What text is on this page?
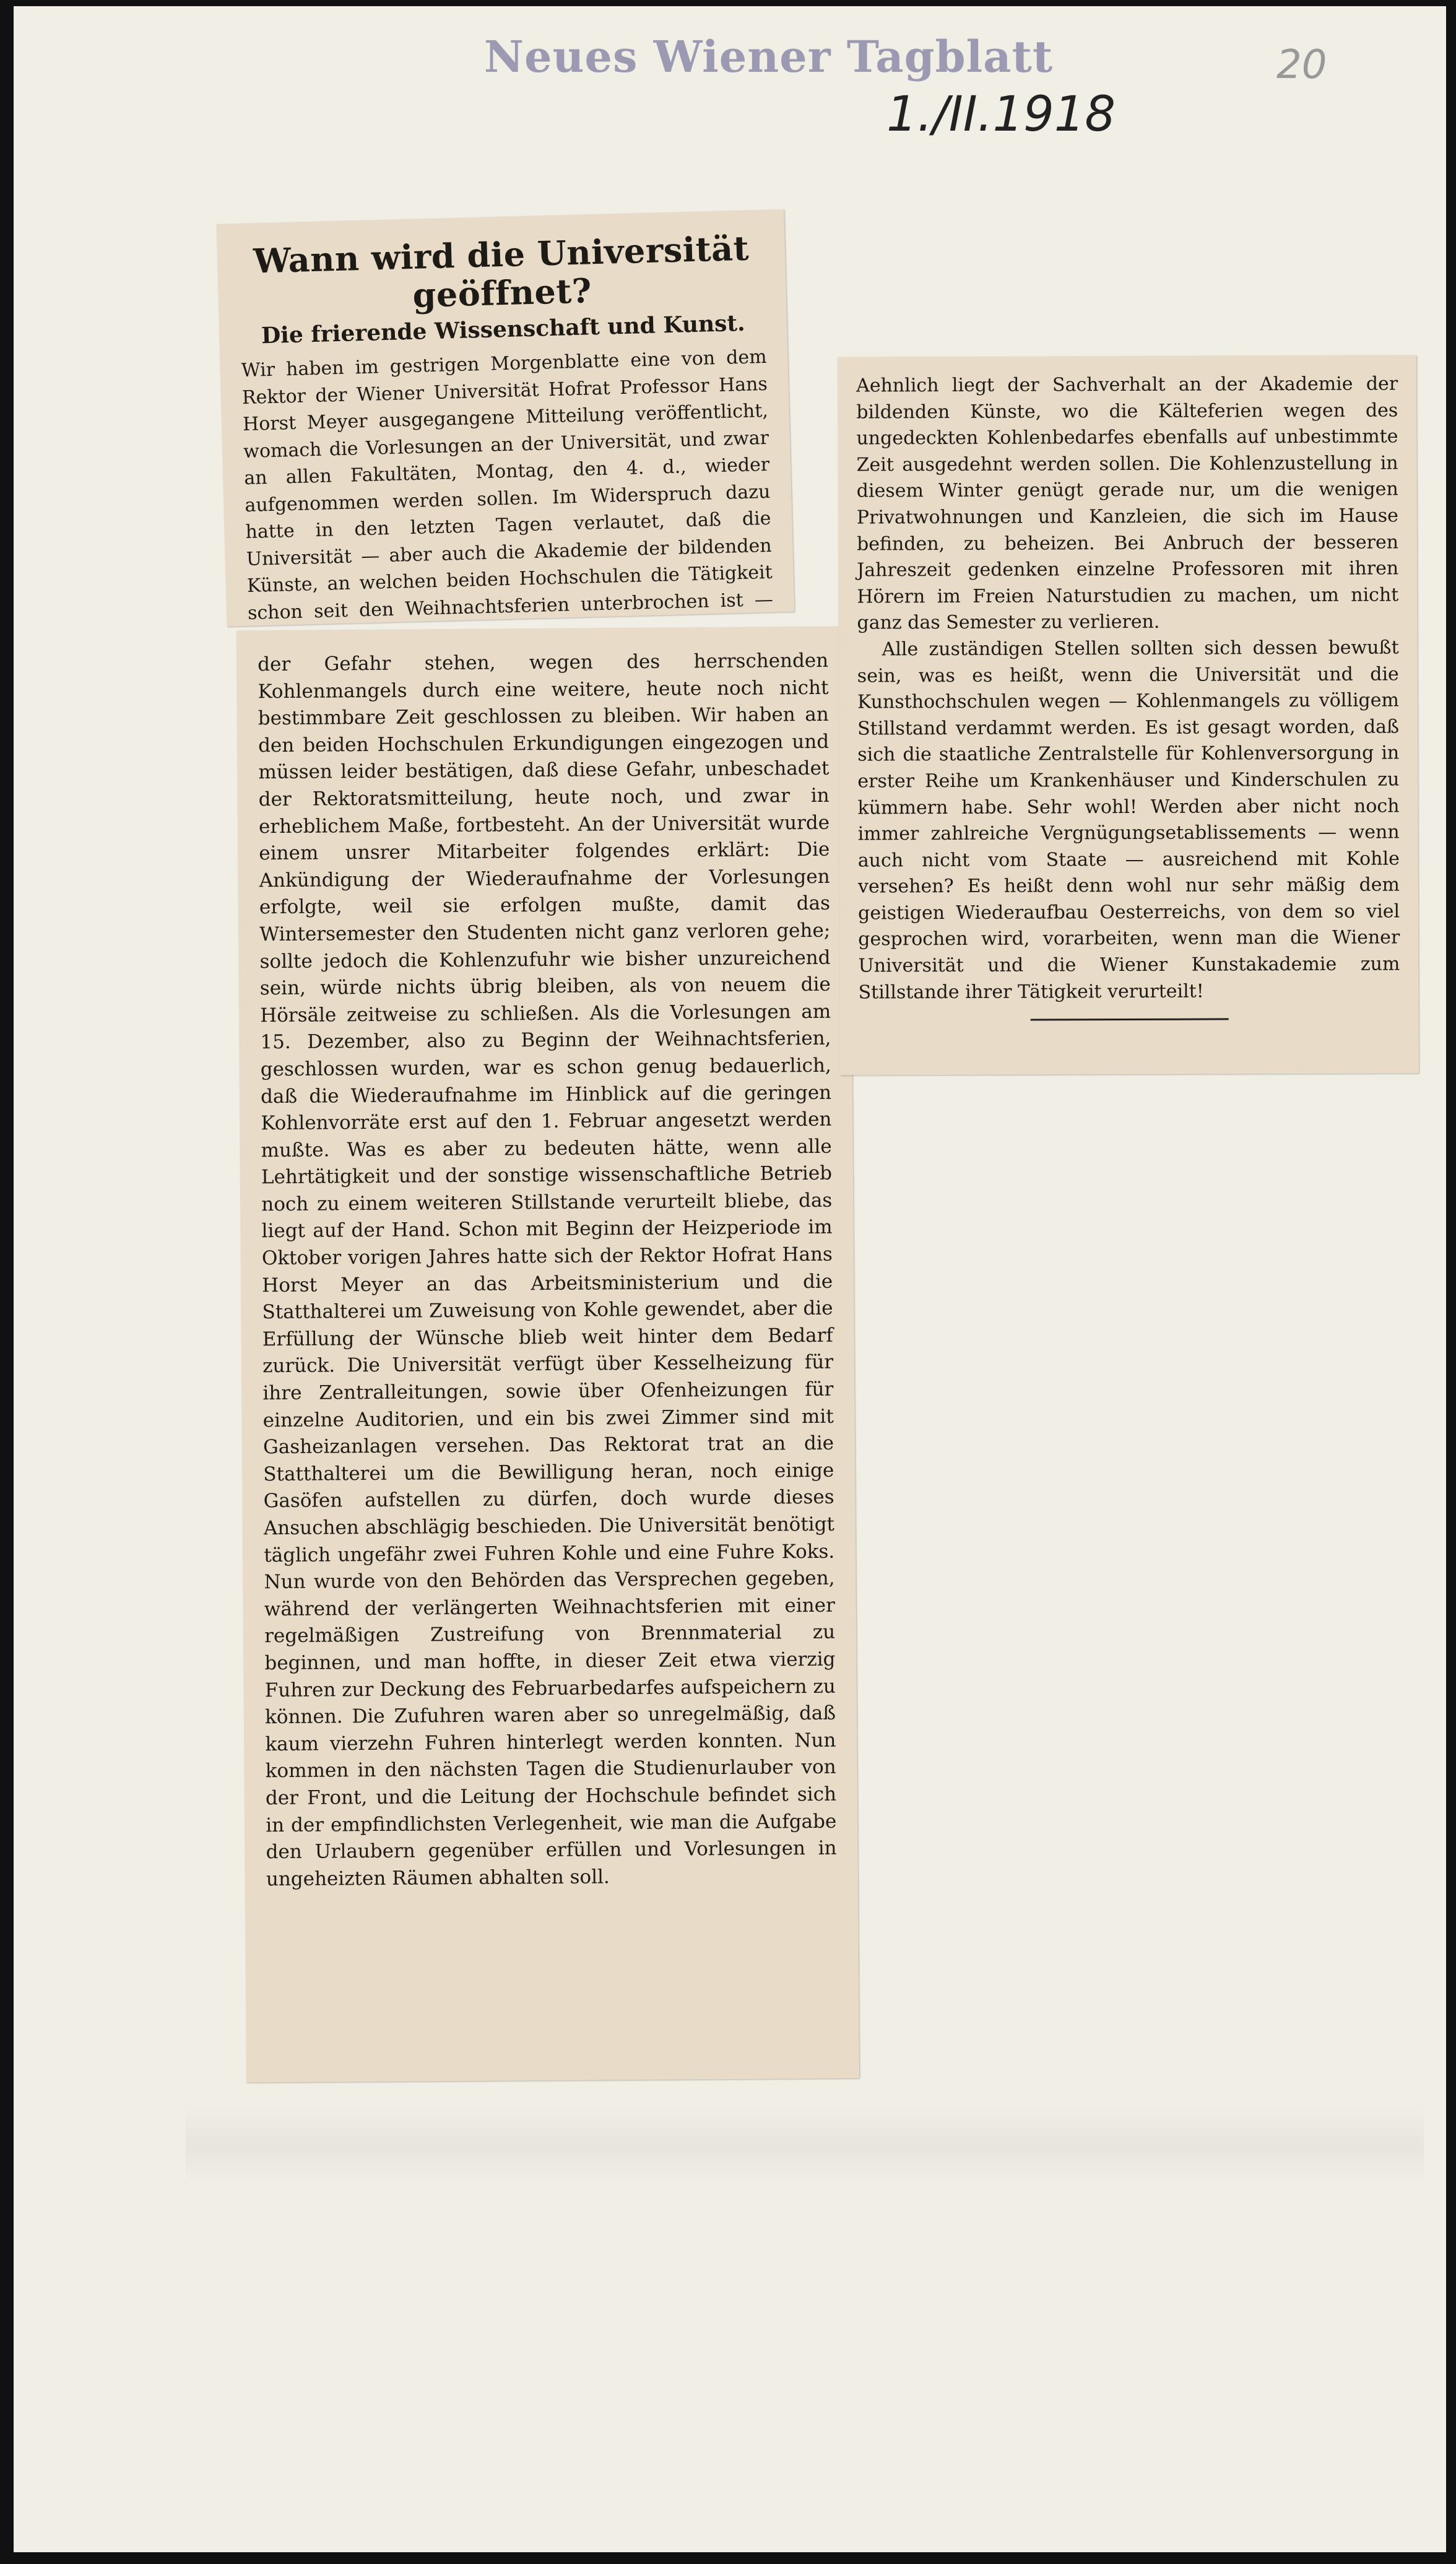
Neues Wiener Tagblatt	20
1./II.1918
Wann wird die Universität geöffnet?
Die frierende Wissenschaft und Kunst.

Wir haben im gestrigen Morgenblatte eine von dem Rektor der Wiener Universität Hofrat Professor Hans Horst Meyer ausgegangene Mitteilung veröffentlicht, womach die Vorlesungen an der Universität, und zwar an allen Fakultäten, Montag, den 4. d., wieder aufgenommen werden sollen. Im Widerspruch dazu hatte in den letzten Tagen verlautet, daß die Universität — aber auch die Akademie der bildenden Künste, an welchen beiden Hochschulen die Tätigkeit schon seit den Weihnachtsferien unterbrochen ist —

der Gefahr stehen, wegen des herrschenden Kohlenmangels durch eine weitere, heute noch nicht bestimmbare Zeit geschlossen zu bleiben. Wir haben an den beiden Hochschulen Erkundigungen eingezogen und müssen leider bestätigen, daß diese Gefahr, unbeschadet der Rektoratsmitteilung, heute noch, und zwar in erheblichem Maße, fortbesteht. An der Universität wurde einem unsrer Mitarbeiter folgendes erklärt: Die Ankündigung der Wiederaufnahme der Vorlesungen erfolgte, weil sie erfolgen mußte, damit das Wintersemester den Studenten nicht ganz verloren gehe; sollte jedoch die Kohlenzufuhr wie bisher unzureichend sein, würde nichts übrig bleiben, als von neuem die Hörsäle zeitweise zu schließen. Als die Vorlesungen am 15. Dezember, also zu Beginn der Weihnachtsferien, geschlossen wurden, war es schon genug bedauerlich, daß die Wiederaufnahme im Hinblick auf die geringen Kohlenvorräte erst auf den 1. Februar angesetzt werden mußte. Was es aber zu bedeuten hätte, wenn alle Lehrtätigkeit und der sonstige wissenschaftliche Betrieb noch zu einem weiteren Stillstande verurteilt bliebe, das liegt auf der Hand. Schon mit Beginn der Heizperiode im Oktober vorigen Jahres hatte sich der Rektor Hofrat Hans Horst Meyer an das Arbeitsministerium und die Statthalterei um Zuweisung von Kohle gewendet, aber die Erfüllung der Wünsche blieb weit hinter dem Bedarf zurück. Die Universität verfügt über Kesselheizung für ihre Zentralleitungen, sowie über Ofenheizungen für einzelne Auditorien, und ein bis zwei Zimmer sind mit Gasheizanlagen versehen. Das Rektorat trat an die Statthalterei um die Bewilligung heran, noch einige Gasöfen aufstellen zu dürfen, doch wurde dieses Ansuchen abschlägig beschieden. Die Universität benötigt täglich ungefähr zwei Fuhren Kohle und eine Fuhre Koks. Nun wurde von den Behörden das Versprechen gegeben, während der verlängerten Weihnachtsferien mit einer regelmäßigen Zustreifung von Brennmaterial zu beginnen, und man hoffte, in dieser Zeit etwa vierzig Fuhren zur Deckung des Februarbedarfes aufspeichern zu können. Die Zufuhren waren aber so unregelmäßig, daß kaum vierzehn Fuhren hinterlegt werden konnten. Nun kommen in den nächsten Tagen die Studienurlauber von der Front, und die Leitung der Hochschule befindet sich in der empfindlichsten Verlegenheit, wie man die Aufgabe den Urlaubern gegenüber erfüllen und Vorlesungen in ungeheizten Räumen abhalten soll.

Aehnlich liegt der Sachverhalt an der Akademie der bildenden Künste, wo die Kälteferien wegen des ungedeckten Kohlenbedarfes ebenfalls auf unbestimmte Zeit ausgedehnt werden sollen. Die Kohlenzustellung in diesem Winter genügt gerade nur, um die wenigen Privatwohnungen und Kanzleien, die sich im Hause befinden, zu beheizen. Bei Anbruch der besseren Jahreszeit gedenken einzelne Professoren mit ihren Hörern im Freien Naturstudien zu machen, um nicht ganz das Semester zu verlieren.

Alle zuständigen Stellen sollten sich dessen bewußt sein, was es heißt, wenn die Universität und die Kunsthochschulen wegen — Kohlenmangels zu völligem Stillstand verdammt werden. Es ist gesagt worden, daß sich die staatliche Zentralstelle für Kohlenversorgung in erster Reihe um Krankenhäuser und Kinderschulen zu kümmern habe. Sehr wohl! Werden aber nicht noch immer zahlreiche Vergnügungsetablissements — wenn auch nicht vom Staate — ausreichend mit Kohle versehen? Es heißt denn wohl nur sehr mäßig dem geistigen Wiederaufbau Oesterreichs, von dem so viel gesprochen wird, vorarbeiten, wenn man die Wiener Universität und die Wiener Kunstakademie zum Stillstande ihrer Tätigkeit verurteilt!
